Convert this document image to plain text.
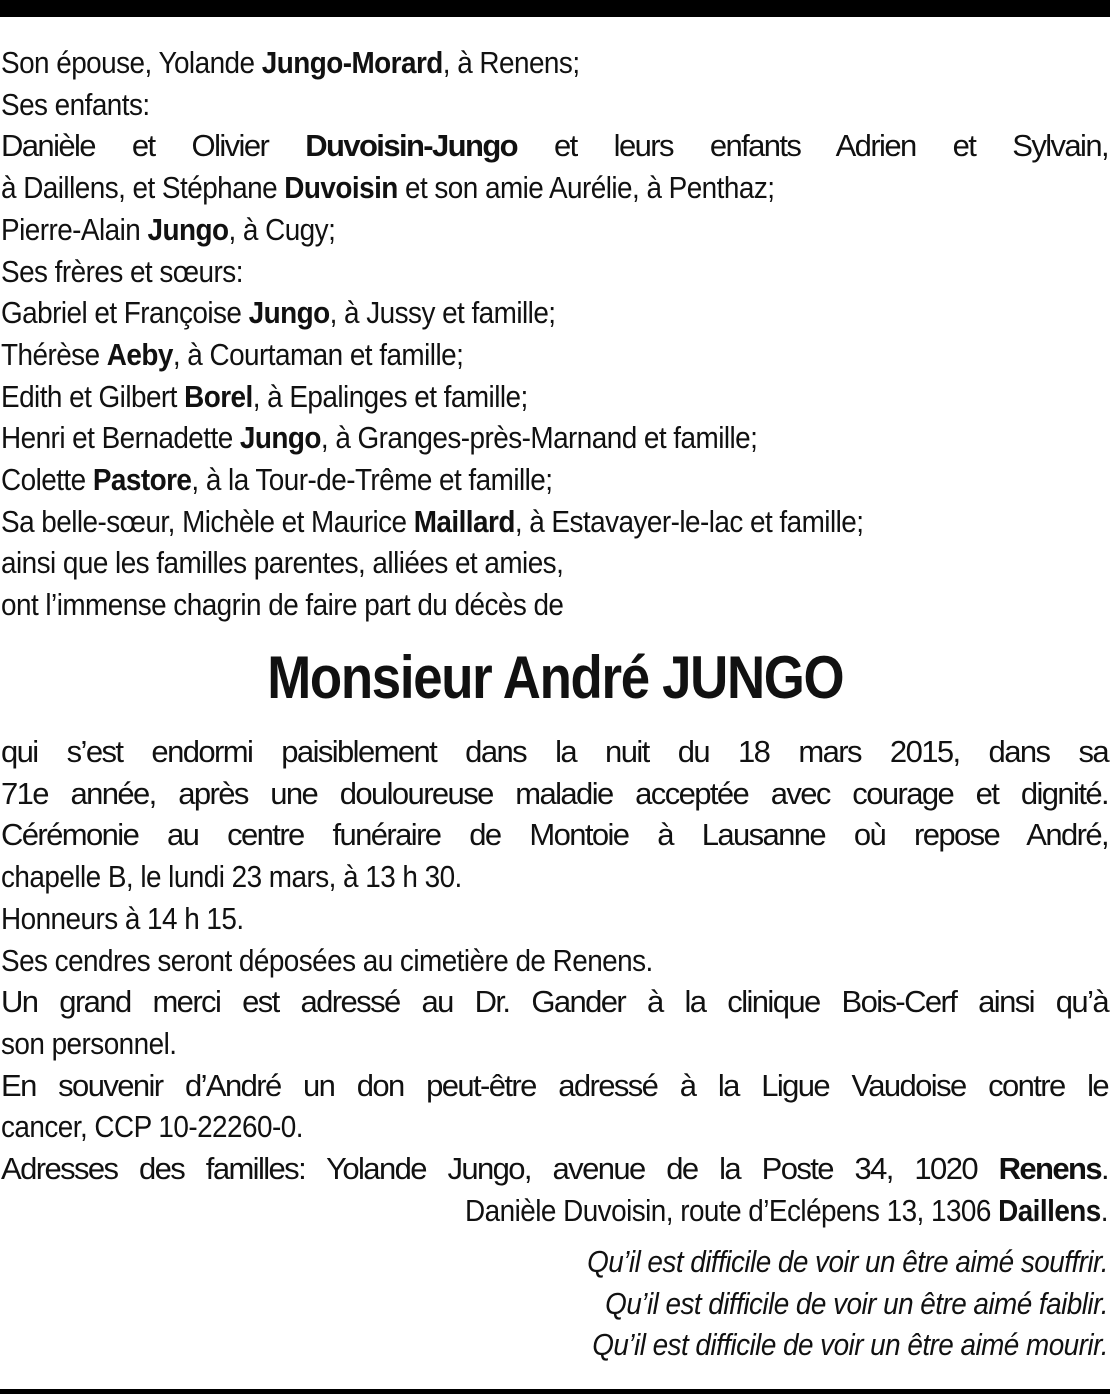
Son épouse, Yolande Jungo-Morard, à Renens;
Ses enfants:
Danièle et Olivier Duvoisin-Jungo et leurs enfants Adrien et Sylvain,
à Daillens, et Stéphane Duvoisin et son amie Aurélie, à Penthaz;
Pierre-Alain Jungo, à Cugy;
Ses frères et sœurs:
Gabriel et Françoise Jungo, à Jussy et famille;
Thérèse Aeby, à Courtaman et famille;
Edith et Gilbert Borel, à Epalinges et famille;
Henri et Bernadette Jungo, à Granges-près-Marnand et famille;
Colette Pastore, à la Tour-de-Trême et famille;
Sa belle-sœur, Michèle et Maurice Maillard, à Estavayer-le-lac et famille;
ainsi que les familles parentes, alliées et amies,
ont l’immense chagrin de faire part du décès de
Monsieur André JUNGO
qui s’est endormi paisiblement dans la nuit du 18 mars 2015, dans sa
71e année, après une douloureuse maladie acceptée avec courage et dignité.
Cérémonie au centre funéraire de Montoie à Lausanne où repose André,
chapelle B, le lundi 23 mars, à 13 h 30.
Honneurs à 14 h 15.
Ses cendres seront déposées au cimetière de Renens.
Un grand merci est adressé au Dr. Gander à la clinique Bois-Cerf ainsi qu’à
son personnel.
En souvenir d’André un don peut-être adressé à la Ligue Vaudoise contre le
cancer, CCP 10-22260-0.
Adresses des familles: Yolande Jungo, avenue de la Poste 34, 1020 Renens.
Danièle Duvoisin, route d’Eclépens 13, 1306 Daillens.
Qu’il est difficile de voir un être aimé souffrir.
Qu’il est difficile de voir un être aimé faiblir.
Qu’il est difficile de voir un être aimé mourir.
